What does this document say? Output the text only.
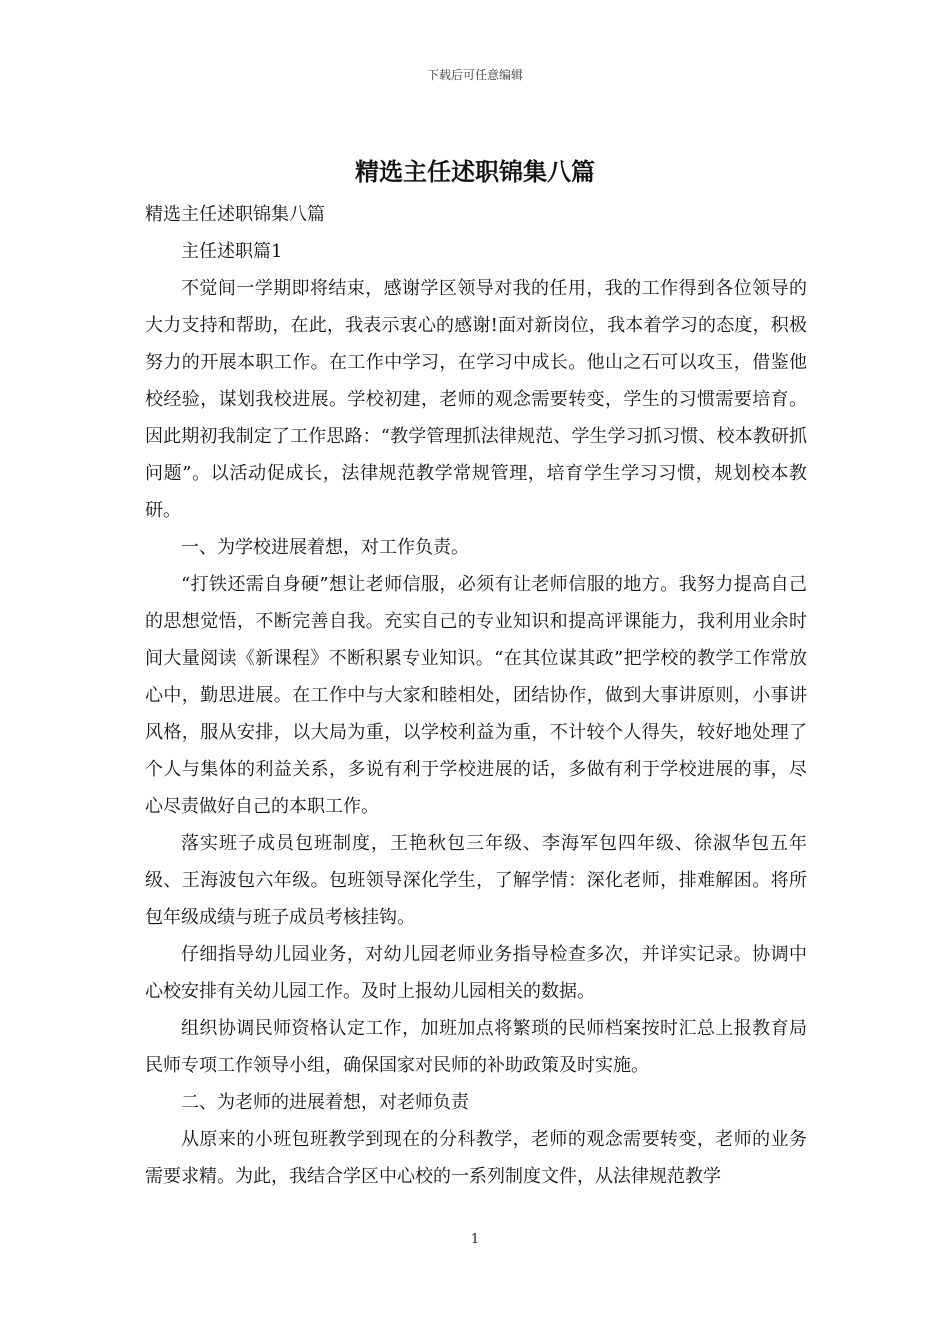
下载后可任意编辑
精选主任述职锦集八篇

精选主任述职锦集八篇

主任述职篇1

不觉间一学期即将结束，感谢学区领导对我的任用，我的工作得到各位领导的大力支持和帮助，在此，我表示衷心的感谢!面对新岗位，我本着学习的态度，积极努力的开展本职工作。在工作中学习，在学习中成长。他山之石可以攻玉，借鉴他校经验，谋划我校进展。学校初建，老师的观念需要转变，学生的习惯需要培育。因此期初我制定了工作思路：“教学管理抓法律规范、学生学习抓习惯、校本教研抓问题”。以活动促成长，法律规范教学常规管理，培育学生学习习惯，规划校本教研。

一、为学校进展着想，对工作负责。

“打铁还需自身硬”想让老师信服，必须有让老师信服的地方。我努力提高自己的思想觉悟，不断完善自我。充实自己的专业知识和提高评课能力，我利用业余时间大量阅读《新课程》不断积累专业知识。“在其位谋其政”把学校的教学工作常放心中，勤思进展。在工作中与大家和睦相处，团结协作，做到大事讲原则，小事讲风格，服从安排，以大局为重，以学校利益为重，不计较个人得失，较好地处理了个人与集体的利益关系，多说有利于学校进展的话，多做有利于学校进展的事，尽心尽责做好自己的本职工作。

落实班子成员包班制度，王艳秋包三年级、李海军包四年级、徐淑华包五年级、王海波包六年级。包班领导深化学生，了解学情：深化老师，排难解困。将所包年级成绩与班子成员考核挂钩。

仔细指导幼儿园业务，对幼儿园老师业务指导检查多次，并详实记录。协调中心校安排有关幼儿园工作。及时上报幼儿园相关的数据。

组织协调民师资格认定工作，加班加点将繁琐的民师档案按时汇总上报教育局民师专项工作领导小组，确保国家对民师的补助政策及时实施。

二、为老师的进展着想，对老师负责

从原来的小班包班教学到现在的分科教学，老师的观念需要转变，老师的业务需要求精。为此，我结合学区中心校的一系列制度文件，从法律规范教学

1
